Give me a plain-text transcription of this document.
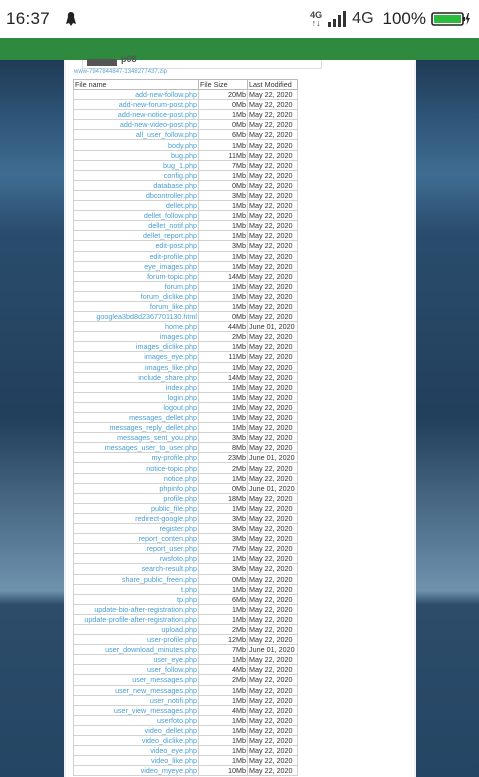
16:37	4G
↑↓ 4G 100%
p08
www-7947844847-1348277437.zip
File name	File Size	Last Modified
add-new-follow.php	20Mb	May 22, 2020
add-new-forum-post.php	0Mb	May 22, 2020
add-new-notice-post.php	1Mb	May 22, 2020
add-new-video-post.php	0Mb	May 22, 2020
all_user_follow.php	6Mb	May 22, 2020
body.php	1Mb	May 22, 2020
bug.php	11Mb	May 22, 2020
bug_1.php	7Mb	May 22, 2020
config.php	1Mb	May 22, 2020
database.php	0Mb	May 22, 2020
dbcontroller.php	3Mb	May 22, 2020
dellet.php	1Mb	May 22, 2020
dellet_follow.php	1Mb	May 22, 2020
dellet_notif.php	1Mb	May 22, 2020
dellet_report.php	1Mb	May 22, 2020
edit-post.php	3Mb	May 22, 2020
edit-profile.php	1Mb	May 22, 2020
eye_images.php	1Mb	May 22, 2020
forum-topic.php	14Mb	May 22, 2020
forum.php	1Mb	May 22, 2020
forum_diclike.php	1Mb	May 22, 2020
forum_like.php	1Mb	May 22, 2020
googlea3bd8d2367701130.html	0Mb	May 22, 2020
home.php	44Mb	June 01, 2020
images.php	2Mb	May 22, 2020
images_diclike.php	1Mb	May 22, 2020
images_eye.php	11Mb	May 22, 2020
images_like.php	1Mb	May 22, 2020
include_share.php	14Mb	May 22, 2020
index.php	1Mb	May 22, 2020
login.php	1Mb	May 22, 2020
logout.php	1Mb	May 22, 2020
messages_dellet.php	1Mb	May 22, 2020
messages_reply_dellet.php	1Mb	May 22, 2020
messages_sent_you.php	3Mb	May 22, 2020
messages_user_to_user.php	8Mb	May 22, 2020
my-profile.php	23Mb	June 01, 2020
notice-topic.php	2Mb	May 22, 2020
notice.php	1Mb	May 22, 2020
phpinfo.php	0Mb	June 01, 2020
profile.php	18Mb	May 22, 2020
public_file.php	1Mb	May 22, 2020
redirect-google.php	3Mb	May 22, 2020
register.php	3Mb	May 22, 2020
report_conten.php	3Mb	May 22, 2020
report_user.php	7Mb	May 22, 2020
rwsfoto.php	1Mb	May 22, 2020
search-result.php	3Mb	May 22, 2020
share_public_freen.php	0Mb	May 22, 2020
t.php	1Mb	May 22, 2020
tp.php	6Mb	May 22, 2020
update-bio-after-registration.php	1Mb	May 22, 2020
update-profile-after-registration.php	1Mb	May 22, 2020
upload.php	2Mb	May 22, 2020
user-profile.php	12Mb	May 22, 2020
user_download_minutes.php	7Mb	June 01, 2020
user_eye.php	1Mb	May 22, 2020
user_follow.php	4Mb	May 22, 2020
user_messages.php	2Mb	May 22, 2020
user_new_messages.php	1Mb	May 22, 2020
user_notifi.php	1Mb	May 22, 2020
user_view_messages.php	4Mb	May 22, 2020
userfoto.php	1Mb	May 22, 2020
video_dellet.php	1Mb	May 22, 2020
video_diclike.php	1Mb	May 22, 2020
video_eye.php	1Mb	May 22, 2020
video_like.php	1Mb	May 22, 2020
video_myeye.php	10Mb	May 22, 2020
